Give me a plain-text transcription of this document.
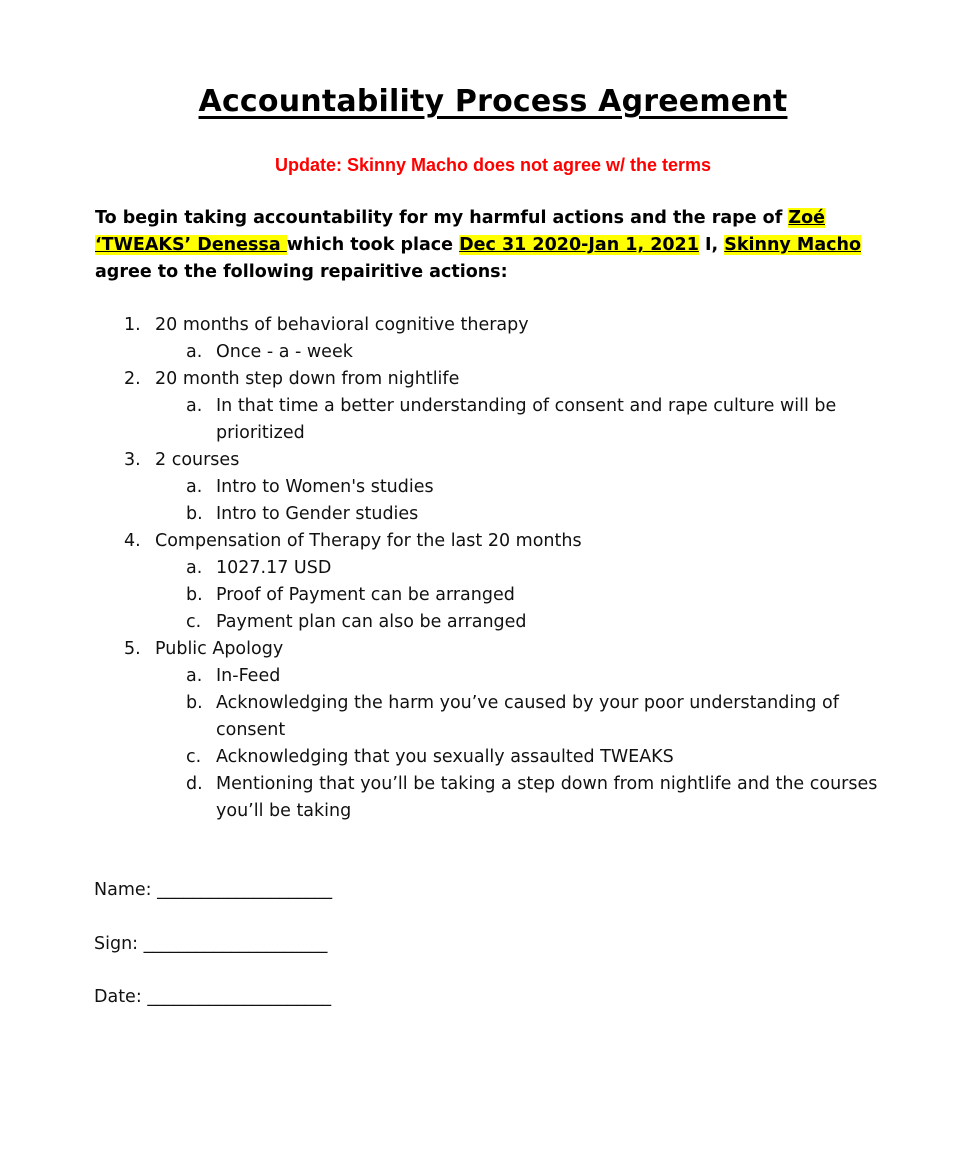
Accountability Process Agreement
Update: Skinny Macho does not agree w/ the terms
To begin taking accountability for my harmful actions and the rape of Zoé ‘TWEAKS’ Denessa which took place Dec 31 2020-Jan 1, 2021 I, Skinny Macho agree to the following repairitive actions:
1. 20 months of behavioral cognitive therapy
a. Once - a - week
2. 20 month step down from nightlife
a. In that time a better understanding of consent and rape culture will be
prioritized
3. 2 courses
a. Intro to Women's studies
b. Intro to Gender studies
4. Compensation of Therapy for the last 20 months
a. 1027.17 USD
b. Proof of Payment can be arranged
c. Payment plan can also be arranged
5. Public Apology
a. In-Feed
b. Acknowledging the harm you’ve caused by your poor understanding of
consent
c. Acknowledging that you sexually assaulted TWEAKS
d. Mentioning that you’ll be taking a step down from nightlife and the courses
you’ll be taking
Name: ____________________
Sign: _____________________
Date: _____________________
